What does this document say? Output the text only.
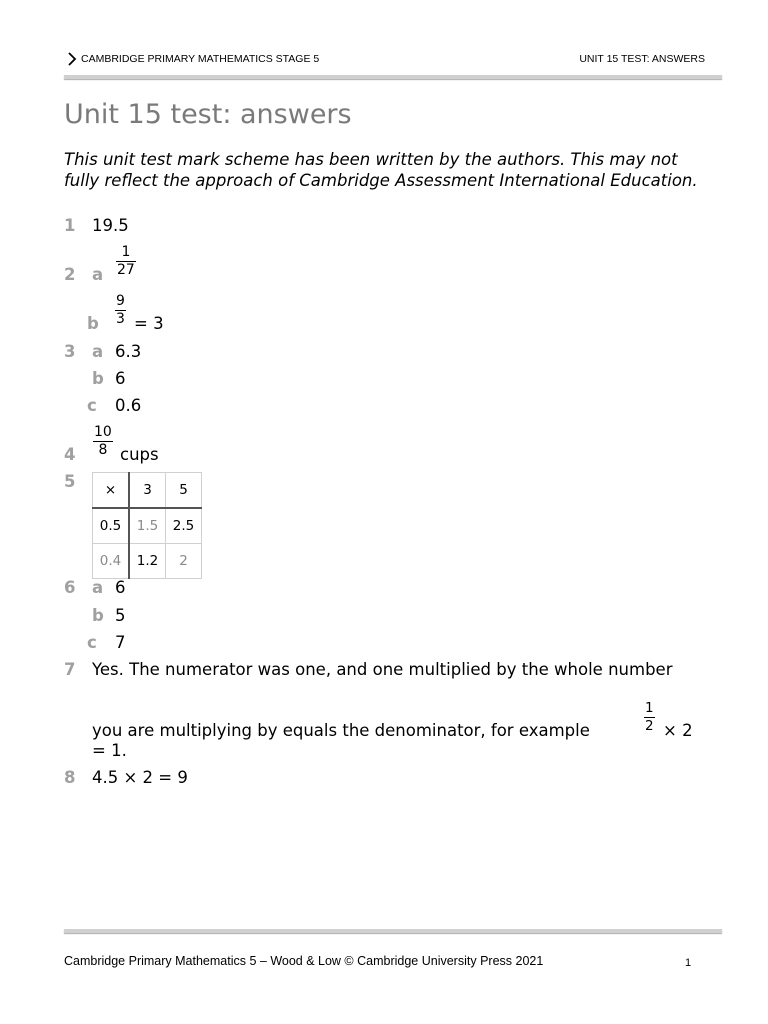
CAMBRIDGE PRIMARY MATHEMATICS STAGE 5	UNIT 15 TEST: ANSWERS
Unit 15 test: answers
This unit test mark scheme has been written by the authors. This may not fully reflect the approach of Cambridge Assessment International Education.
1 19.5
2 a
1
27
b
9
3 = 3
3 a 6.3
b 6
c 0.6
4
10
8 cups
5 ×	3	5
0.5	1.5	2.5
0.4	1.2	2
6 a 6
b 5
c 7
7 Yes. The numerator was one, and one multiplied by the whole number
you are multiplying by equals the denominator, for example
1
2 × 2
= 1.
8 4.5 × 2 = 9
Cambridge Primary Mathematics 5 – Wood & Low © Cambridge University Press 2021	1
